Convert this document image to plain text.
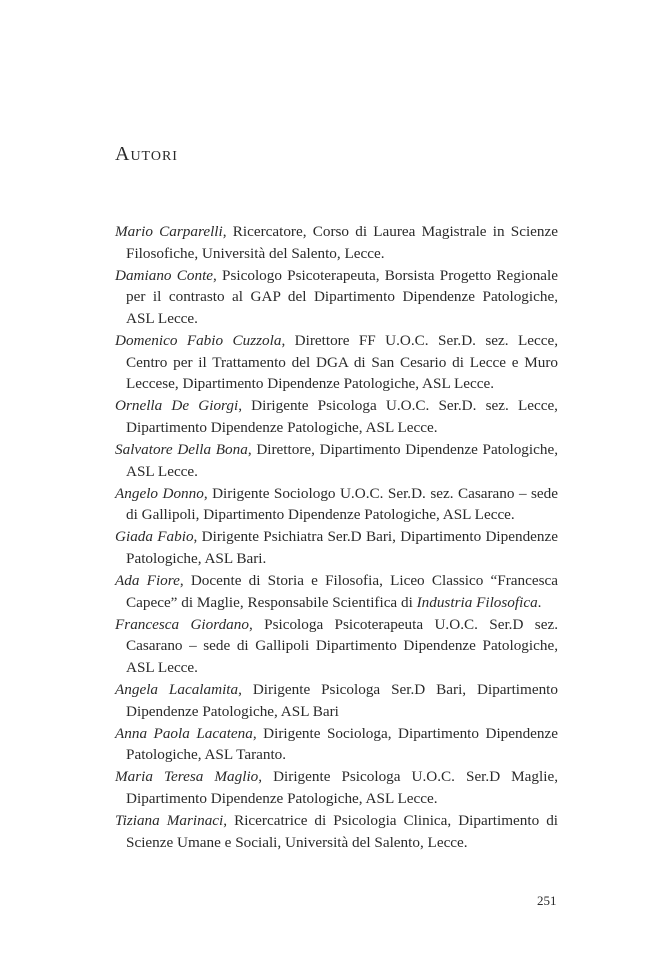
Autori

Mario Carparelli, Ricercatore, Corso di Laurea Magistrale in Scienze Filosofiche, Università del Salento, Lecce.

Damiano Conte, Psicologo Psicoterapeuta, Borsista Progetto Regionale per il contrasto al GAP del Dipartimento Dipendenze Patologiche, ASL Lecce.

Domenico Fabio Cuzzola, Direttore FF U.O.C. Ser.D. sez. Lecce, Centro per il Trattamento del DGA di San Cesario di Lecce e Muro Leccese, Dipartimento Dipendenze Patologiche, ASL Lecce.

Ornella De Giorgi, Dirigente Psicologa U.O.C. Ser.D. sez. Lecce, Dipartimento Dipendenze Patologiche, ASL Lecce.

Salvatore Della Bona, Direttore, Dipartimento Dipendenze Patologiche, ASL Lecce.

Angelo Donno, Dirigente Sociologo U.O.C. Ser.D. sez. Casarano – sede di Gallipoli, Dipartimento Dipendenze Patologiche, ASL Lecce.

Giada Fabio, Dirigente Psichiatra Ser.D Bari, Dipartimento Dipendenze Patologiche, ASL Bari.

Ada Fiore, Docente di Storia e Filosofia, Liceo Classico “Francesca Capece” di Maglie, Responsabile Scientifica di Industria Filosofica.

Francesca Giordano, Psicologa Psicoterapeuta U.O.C. Ser.D sez. Casarano – sede di Gallipoli Dipartimento Dipendenze Patologiche, ASL Lecce.

Angela Lacalamita, Dirigente Psicologa Ser.D Bari, Dipartimento Dipendenze Patologiche, ASL Bari

Anna Paola Lacatena, Dirigente Sociologa, Dipartimento Dipendenze Patologiche, ASL Taranto.

Maria Teresa Maglio, Dirigente Psicologa U.O.C. Ser.D Maglie, Dipartimento Dipendenze Patologiche, ASL Lecce.

Tiziana Marinaci, Ricercatrice di Psicologia Clinica, Dipartimento di Scienze Umane e Sociali, Università del Salento, Lecce.

251
